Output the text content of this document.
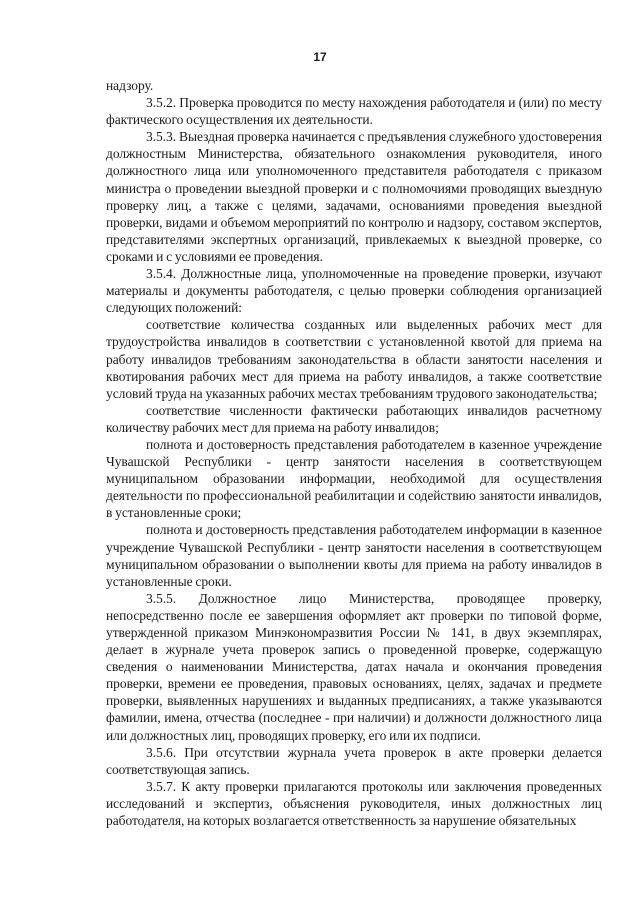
17

надзору.

3.5.2. Проверка проводится по месту нахождения работодателя и (или) по месту фактического осуществления их деятельности.

3.5.3. Выездная проверка начинается с предъявления служебного удостоверения должностным Министерства, обязательного ознакомления руководителя, иного должностного лица или уполномоченного представителя работодателя с приказом министра о проведении выездной проверки и с полномочиями проводящих выездную проверку лиц, а также с целями, задачами, основаниями проведения выездной проверки, видами и объемом мероприятий по контролю и надзору, составом экспертов, представителями экспертных организаций, привлекаемых к выездной проверке, со сроками и с условиями ее проведения.

3.5.4. Должностные лица, уполномоченные на проведение проверки, изучают материалы и документы работодателя, с целью проверки соблюдения организацией следующих положений:

соответствие количества созданных или выделенных рабочих мест для трудоустройства инвалидов в соответствии с установленной квотой для приема на работу инвалидов требованиям законодательства в области занятости населения и квотирования рабочих мест для приема на работу инвалидов, а также соответствие условий труда на указанных рабочих местах требованиям трудового законодательства;

соответствие численности фактически работающих инвалидов расчетному количеству рабочих мест для приема на работу инвалидов;

полнота и достоверность представления работодателем в казенное учреждение Чувашской Республики - центр занятости населения в соответствующем муниципальном образовании информации, необходимой для осуществления деятельности по профессиональной реабилитации и содействию занятости инвалидов, в установленные сроки;

полнота и достоверность представления работодателем информации в казенное учреждение Чувашской Республики - центр занятости населения в соответствующем муниципальном образовании о выполнении квоты для приема на работу инвалидов в установленные сроки.

3.5.5. Должностное лицо Министерства, проводящее проверку, непосредственно после ее завершения оформляет акт проверки по типовой форме, утвержденной приказом Минэкономразвития России № 141, в двух экземплярах, делает в журнале учета проверок запись о проведенной проверке, содержащую сведения о наименовании Министерства, датах начала и окончания проведения проверки, времени ее проведения, правовых основаниях, целях, задачах и предмете проверки, выявленных нарушениях и выданных предписаниях, а также указываются фамилии, имена, отчества (последнее - при наличии) и должности должностного лица или должностных лиц, проводящих проверку, его или их подписи.

3.5.6. При отсутствии журнала учета проверок в акте проверки делается соответствующая запись.

3.5.7. К акту проверки прилагаются протоколы или заключения проведенных исследований и экспертиз, объяснения руководителя, иных должностных лиц работодателя, на которых возлагается ответственность за нарушение обязательных
